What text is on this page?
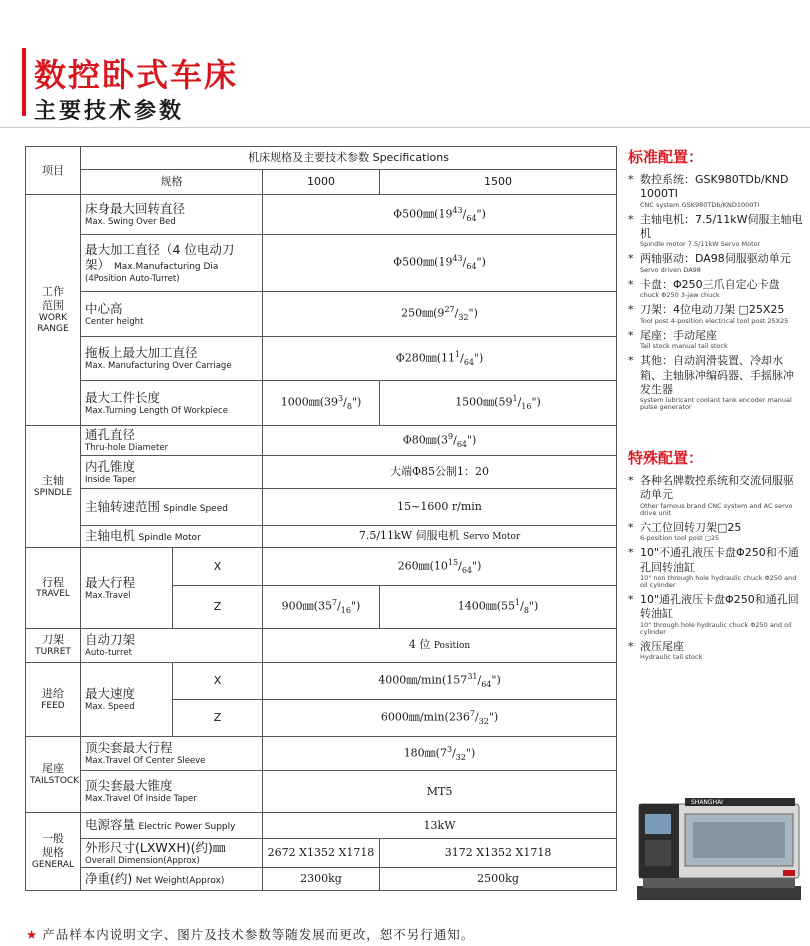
数控卧式车床
主要技术参数
项目	机床规格及主要技术参数 Specifications			
	规格		1000	1500
工作
范围
WORK
RANGE	床身最大回转直径
Max. Swing Over Bed		$\Phi 500㎜(19^{43}/_{64}")$	

	最大加工直径（4 位电动刀架） Max.Manufacturing Dia
(4Position Auto-Turret)		$\Phi 500㎜(19^{43}/_{64}")$	

	中心高
Center height		$250㎜(9^{27}/_{32}")$	

	拖板上最大加工直径
Max. Manufacturing Over Carriage		$\Phi 280㎜(11^1/_{64}")$	

	最大工件长度
Max.Turning Length Of Workpiece		$1000㎜(39^3/_8")$	$1500㎜(59^1/_{16}")$
主轴
SPINDLE	通孔直径
Thru-hole Diameter		$\Phi 80㎜(3^9/_{64}")$	

	内孔锥度
Inside Taper		大端Φ85公制1：20	
	主轴转速范围 Spindle Speed		15~1600 r/min	
	主轴电机 Spindle Motor		7.5/11kW 伺服电机 Servo Motor	
行程
TRAVEL	最大行程
Max.Travel	X	$260㎜(10^{15}/_{64}")$	
		Z	$900㎜(35^7/_{16}")$	$1400㎜(55^1/_8")$
刀架
TURRET	自动刀架
Auto-turret		4 位 Position	
进给
FEED	最大速度
Max. Speed	X	$4000㎜/\min(157^{31}/_{64}")$	
		Z	$6000㎜/\min(236^7/_{32}")$	
尾座
TAILSTOCK	顶尖套最大行程
Max.Travel Of Center Sleeve		$180㎜(7^3/_{32}")$	

	顶尖套最大锥度
Max.Travel Of Inside Taper		MT5	
一般
规格
GENERAL	电源容量 Electric Power Supply		13kW	

	外形尺寸(LXWXH)(约)㎜
Overall Dimension(Approx)		2672 X1352 X1718	3172 X1352 X1718
	净重(约) Net Weight(Approx)		2300kg	2500kg
标准配置：
* 数控系统：GSK980TDb/KND 1000TⅠ
CNC system GSK980TDb/KND1000TⅠ
* 主轴电机：7.5/11kW伺服主轴电机
Spindle motor 7.5/11kW Servo Motor
* 两轴驱动：DA98伺服驱动单元
Servo driven DA98
* 卡盘：Φ250三爪自定心卡盘
chuck Φ250 3-jaw chuck
* 刀架：4位电动刀架 □25X25
Tool post 4-position electrical tool post 25X25
* 尾座：手动尾座
Tail stock manual tail stock
* 其他：自动润滑装置、冷却水箱、主轴脉冲编码器、手摇脉冲发生器
system lubricant coolant tank encoder manual pulse generator
特殊配置：
* 各种名牌数控系统和交流伺服驱动单元
Other famous brand CNC system and AC servo drive unit
* 六工位回转刀架□25
6-position tool post □25
* 10"不通孔液压卡盘Φ250和不通孔回转油缸
10" non through hole hydraulic chuck Φ250 and oil cylinder
* 10"通孔液压卡盘Φ250和通孔回转油缸
10" through hole hydraulic chuck Φ250 and oil cylinder
* 液压尾座
Hydraulic tail stock
SHANGHAI
★ 产品样本内说明文字、图片及技术参数等随发展而更改，恕不另行通知。
